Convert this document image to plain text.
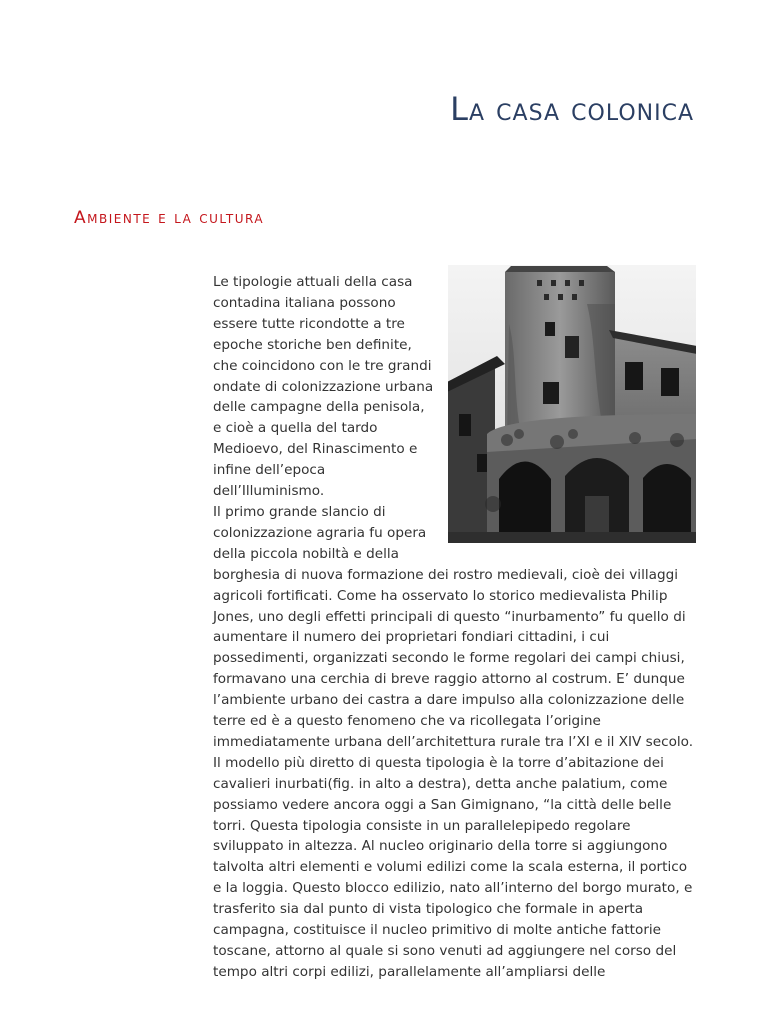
La casa colonica
Ambiente e la cultura

Le tipologie attuali della casa contadina italiana possono essere tutte ricondotte a tre epoche storiche ben definite, che coincidono con le tre grandi ondate di colonizzazione urbana delle campagne della penisola, e cioè a quella del tardo Medioevo, del Rinascimento e infine dell’epoca dell’Illuminismo.

Il primo grande slancio di colonizzazione agraria fu opera della piccola nobiltà e della borghesia di nuova formazione dei rostro medievali, cioè dei villaggi agricoli fortificati. Come ha osservato lo storico medievalista Philip Jones, uno degli effetti principali di questo “inurbamento” fu quello di aumentare il numero dei proprietari fondiari cittadini, i cui possedimenti, organizzati secondo le forme regolari dei campi chiusi, formavano una cerchia di breve raggio attorno al costrum. E’ dunque l’ambiente urbano dei castra a dare impulso alla colonizzazione delle terre ed è a questo fenomeno che va ricollegata l’origine immediatamente urbana dell’architettura rurale tra l’XI e il XIV secolo.

Il modello più diretto di questa tipologia è la torre d’abitazione dei cavalieri inurbati(fig. in alto a destra), detta anche palatium, come possiamo vedere ancora oggi a San Gimignano, “la città delle belle torri. Questa tipologia consiste in un parallelepipedo regolare sviluppato in altezza. Al nucleo originario della torre si aggiungono talvolta altri elementi e volumi edilizi come la scala esterna, il portico e la loggia. Questo blocco edilizio, nato all’interno del borgo murato, e trasferito sia dal punto di vista tipologico che formale in aperta campagna, costituisce il nucleo primitivo di molte antiche fattorie toscane, attorno al quale si sono venuti ad aggiungere nel corso del tempo altri corpi edilizi, parallelamente all’ampliarsi delle
